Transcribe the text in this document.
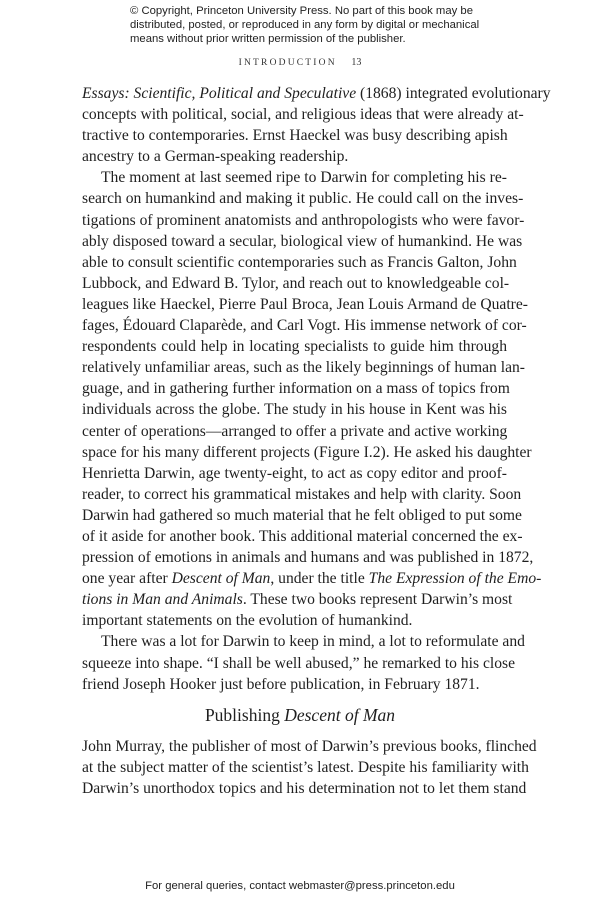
© Copyright, Princeton University Press. No part of this book may be
distributed, posted, or reproduced in any form by digital or mechanical
means without prior written permission of the publisher.
INTRODUCTION 13

Essays: Scientific, Political and Speculative (1868) integrated evolutionary
concepts with political, social, and religious ideas that were already at-
tractive to contemporaries. Ernst Haeckel was busy describing apish
ancestry to a German-speaking readership.

The moment at last seemed ripe to Darwin for completing his re-
search on humankind and making it public. He could call on the inves-
tigations of prominent anatomists and anthropologists who were favor-
ably disposed toward a secular, biological view of humankind. He was
able to consult scientific contemporaries such as Francis Galton, John
Lubbock, and Edward B. Tylor, and reach out to knowledgeable col-
leagues like Haeckel, Pierre Paul Broca, Jean Louis Armand de Quatre-
fages, Édouard Claparède, and Carl Vogt. His immense network of cor-
respondents could help in locating specialists to guide him through
relatively unfamiliar areas, such as the likely beginnings of human lan-
guage, and in gathering further information on a mass of topics from
individuals across the globe. The study in his house in Kent was his
center of operations—arranged to offer a private and active working
space for his many different projects (Figure I.2). He asked his daughter
Henrietta Darwin, age twenty-eight, to act as copy editor and proof-
reader, to correct his grammatical mistakes and help with clarity. Soon
Darwin had gathered so much material that he felt obliged to put some
of it aside for another book. This additional material concerned the ex-
pression of emotions in animals and humans and was published in 1872,
one year after Descent of Man, under the title The Expression of the Emo-
tions in Man and Animals. These two books represent Darwin’s most
important statements on the evolution of humankind.

There was a lot for Darwin to keep in mind, a lot to reformulate and
squeeze into shape. “I shall be well abused,” he remarked to his close
friend Joseph Hooker just before publication, in February 1871.

Publishing Descent of Man

John Murray, the publisher of most of Darwin’s previous books, flinched
at the subject matter of the scientist’s latest. Despite his familiarity with
Darwin’s unorthodox topics and his determination not to let them stand

For general queries, contact webmaster@press.princeton.edu
